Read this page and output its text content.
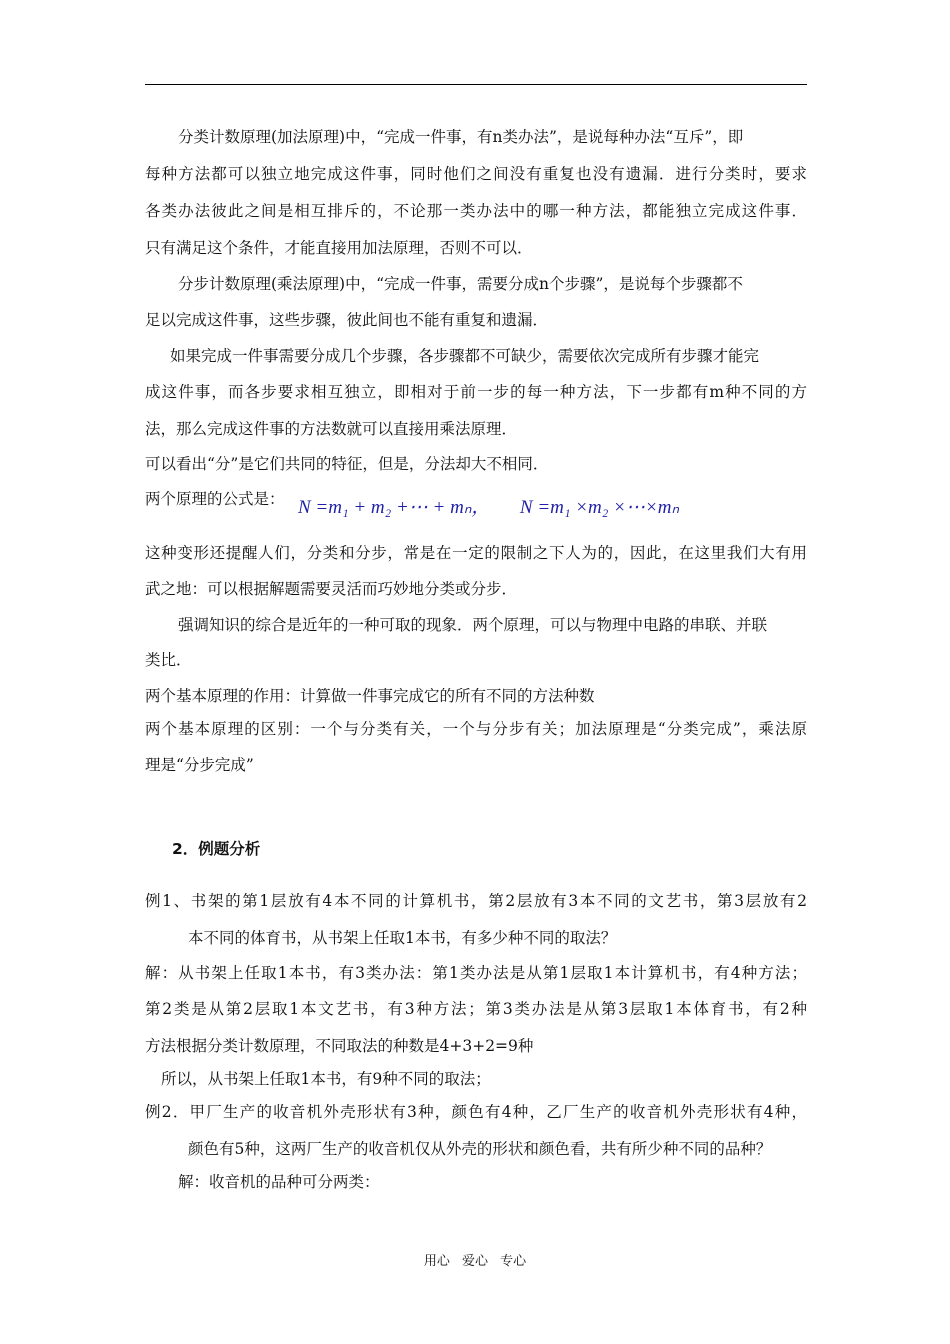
分类计数原理(加法原理)中，“完成一件事，有n类办法”，是说每种办法“互斥”，即
每种方法都可以独立地完成这件事，同时他们之间没有重复也没有遗漏．进行分类时，要求
各类办法彼此之间是相互排斥的，不论那一类办法中的哪一种方法，都能独立完成这件事．
只有满足这个条件，才能直接用加法原理，否则不可以．
分步计数原理(乘法原理)中，“完成一件事，需要分成n个步骤”，是说每个步骤都不
足以完成这件事，这些步骤，彼此间也不能有重复和遗漏．
如果完成一件事需要分成几个步骤，各步骤都不可缺少，需要依次完成所有步骤才能完
成这件事，而各步要求相互独立，即相对于前一步的每一种方法，下一步都有m种不同的方
法，那么完成这件事的方法数就可以直接用乘法原理．
可以看出“分”是它们共同的特征，但是，分法却大不相同．
两个原理的公式是： N =m₁ + m₂ +⋯ + mₙ， N =m₁ ×m₂ ×⋯×mₙ
这种变形还提醒人们，分类和分步，常是在一定的限制之下人为的，因此，在这里我们大有用
武之地：可以根据解题需要灵活而巧妙地分类或分步．
强调知识的综合是近年的一种可取的现象．两个原理，可以与物理中电路的串联、并联
类比．
两个基本原理的作用：计算做一件事完成它的所有不同的方法种数
两个基本原理的区别：一个与分类有关，一个与分步有关；加法原理是“分类完成”，乘法原
理是“分步完成”
2．例题分析
例1、书架的第1层放有4本不同的计算机书，第2层放有3本不同的文艺书，第3层放有2
本不同的体育书，从书架上任取1本书，有多少种不同的取法？
解：从书架上任取1本书，有3类办法：第1类办法是从第1层取1本计算机书，有4种方法；
第2类是从第2层取1本文艺书，有3种方法；第3类办法是从第3层取1本体育书，有2种
方法根据分类计数原理，不同取法的种数是4+3+2=9种
所以，从书架上任取1本书，有9种不同的取法；
例2．甲厂生产的收音机外壳形状有3种，颜色有4种，乙厂生产的收音机外壳形状有4种，
颜色有5种，这两厂生产的收音机仅从外壳的形状和颜色看，共有所少种不同的品种？
解：收音机的品种可分两类：
用心 爱心 专心
